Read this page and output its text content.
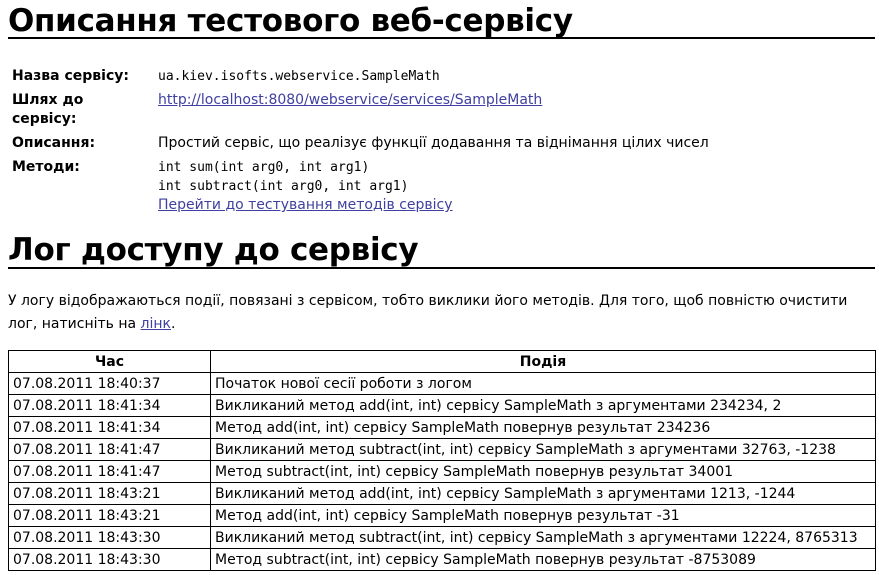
Описання тестового веб-сервісу
Назва сервісу:	ua.kiev.isofts.webservice.SampleMath
Шлях до сервісу:	http://localhost:8080/webservice/services/SampleMath
Описання:	Простий сервіс, що реалізує функції додавання та віднімання цілих чисел
Методи:	int sum(int arg0, int arg1)
int subtract(int arg0, int arg1)
Перейти до тестування методів сервісу
Лог доступу до сервісу

У логу відображаються події, повязані з сервісом, тобто виклики його методів. Для того, щоб повністю очистити лог, натисніть на лінк.

Час	Подія
07.08.2011 18:40:37	Початок нової сесії роботи з логом
07.08.2011 18:41:34	Викликаний метод add(int, int) сервісу SampleMath з аргументами 234234, 2
07.08.2011 18:41:34	Метод add(int, int) сервісу SampleMath повернув результат 234236
07.08.2011 18:41:47	Викликаний метод subtract(int, int) сервісу SampleMath з аргументами 32763, -1238
07.08.2011 18:41:47	Метод subtract(int, int) сервісу SampleMath повернув результат 34001
07.08.2011 18:43:21	Викликаний метод add(int, int) сервісу SampleMath з аргументами 1213, -1244
07.08.2011 18:43:21	Метод add(int, int) сервісу SampleMath повернув результат -31
07.08.2011 18:43:30	Викликаний метод subtract(int, int) сервісу SampleMath з аргументами 12224, 8765313
07.08.2011 18:43:30	Метод subtract(int, int) сервісу SampleMath повернув результат -8753089
